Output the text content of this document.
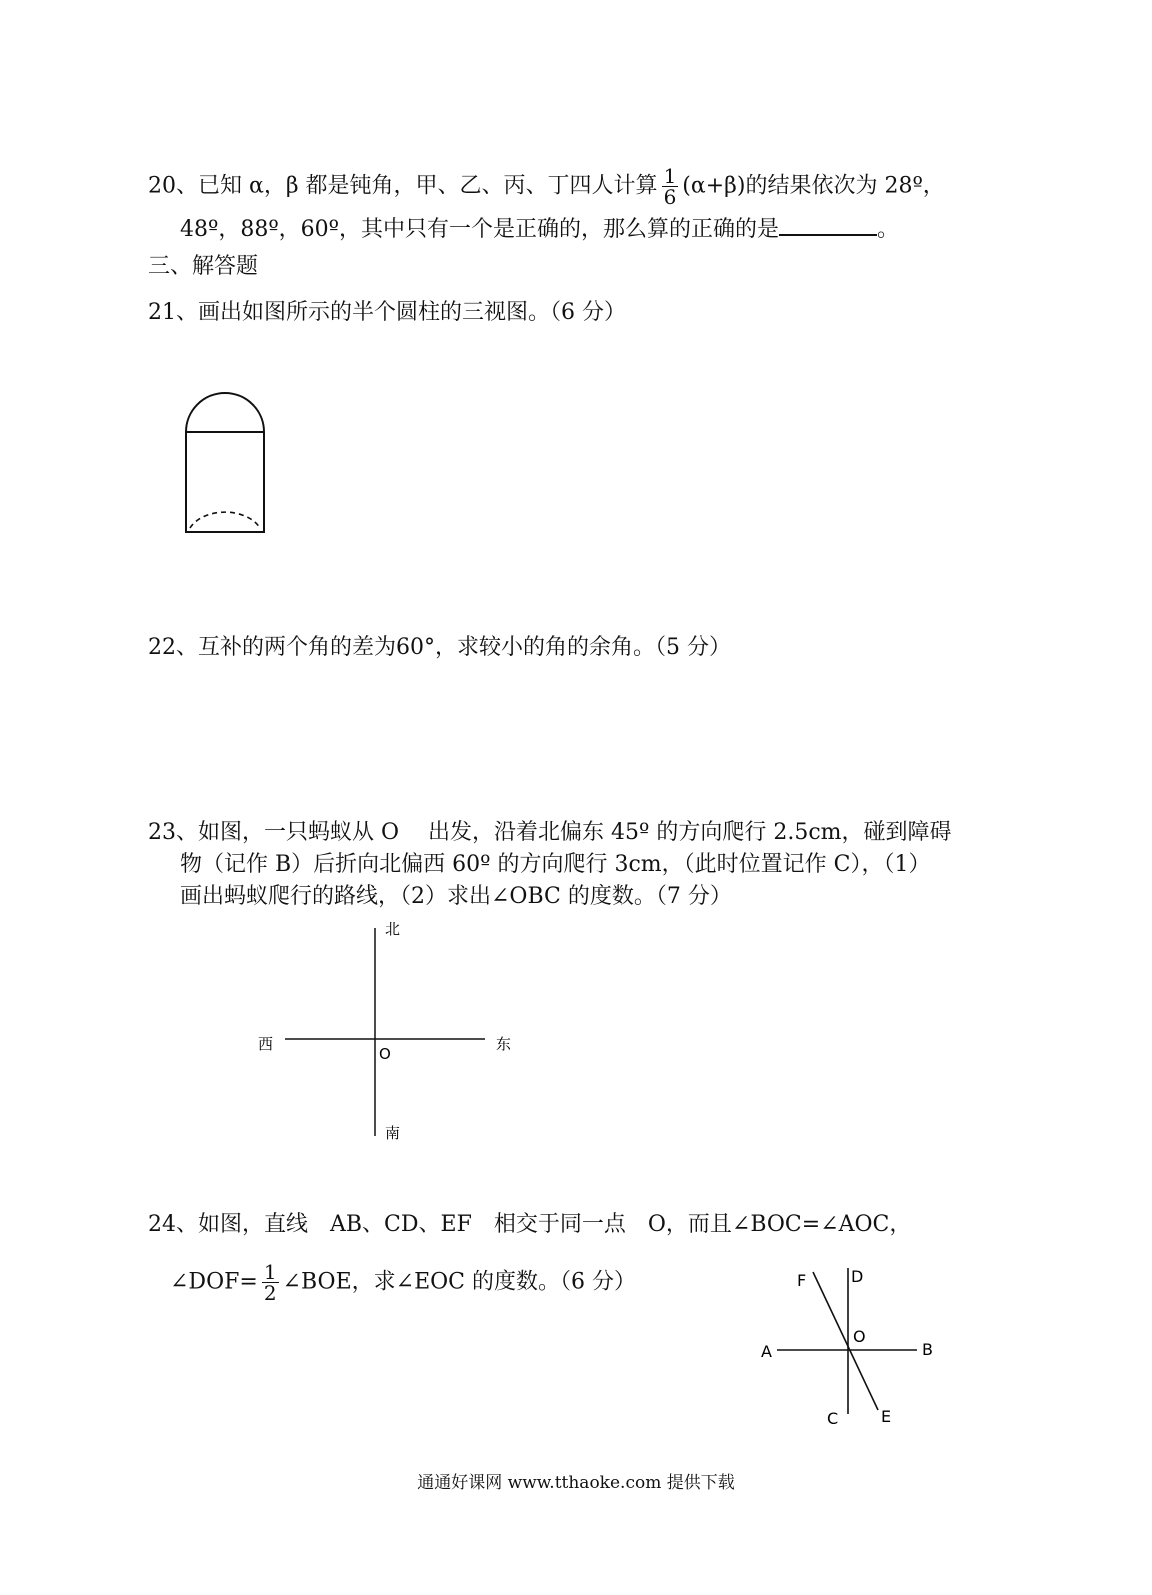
20、已知 α，β 都是钝角，甲、乙、丙、丁四人计算 $\frac{1}{6} (\alpha+\beta)$的结果依次为 28º，
48º，88º，60º，其中只有一个是正确的，那么算的正确的是	。
三、解答题
21、画出如图所示的半个圆柱的三视图。（6 分）
22、互补的两个角的差为60°，求较小的角的余角。（5 分）
23、如图，一只蚂蚁从 O　 出发，沿着北偏东 45º 的方向爬行 2.5cm，碰到障碍
物（记作 B）后折向北偏西 60º 的方向爬行 3cm，（此时位置记作 C），（1）
画出蚂蚁爬行的路线，（2）求出∠OBC 的度数。（7 分）
北
南
西	东
O
24、如图，直线　AB、CD、EF　相交于同一点　O，而且∠BOC=∠AOC，
∠DOF= $\frac{1}{2}$ ∠BOE，求∠EOC 的度数。（6 分）
A	B
C
D
E
F
O
通通好课网 www.tthaoke.com 提供下载
